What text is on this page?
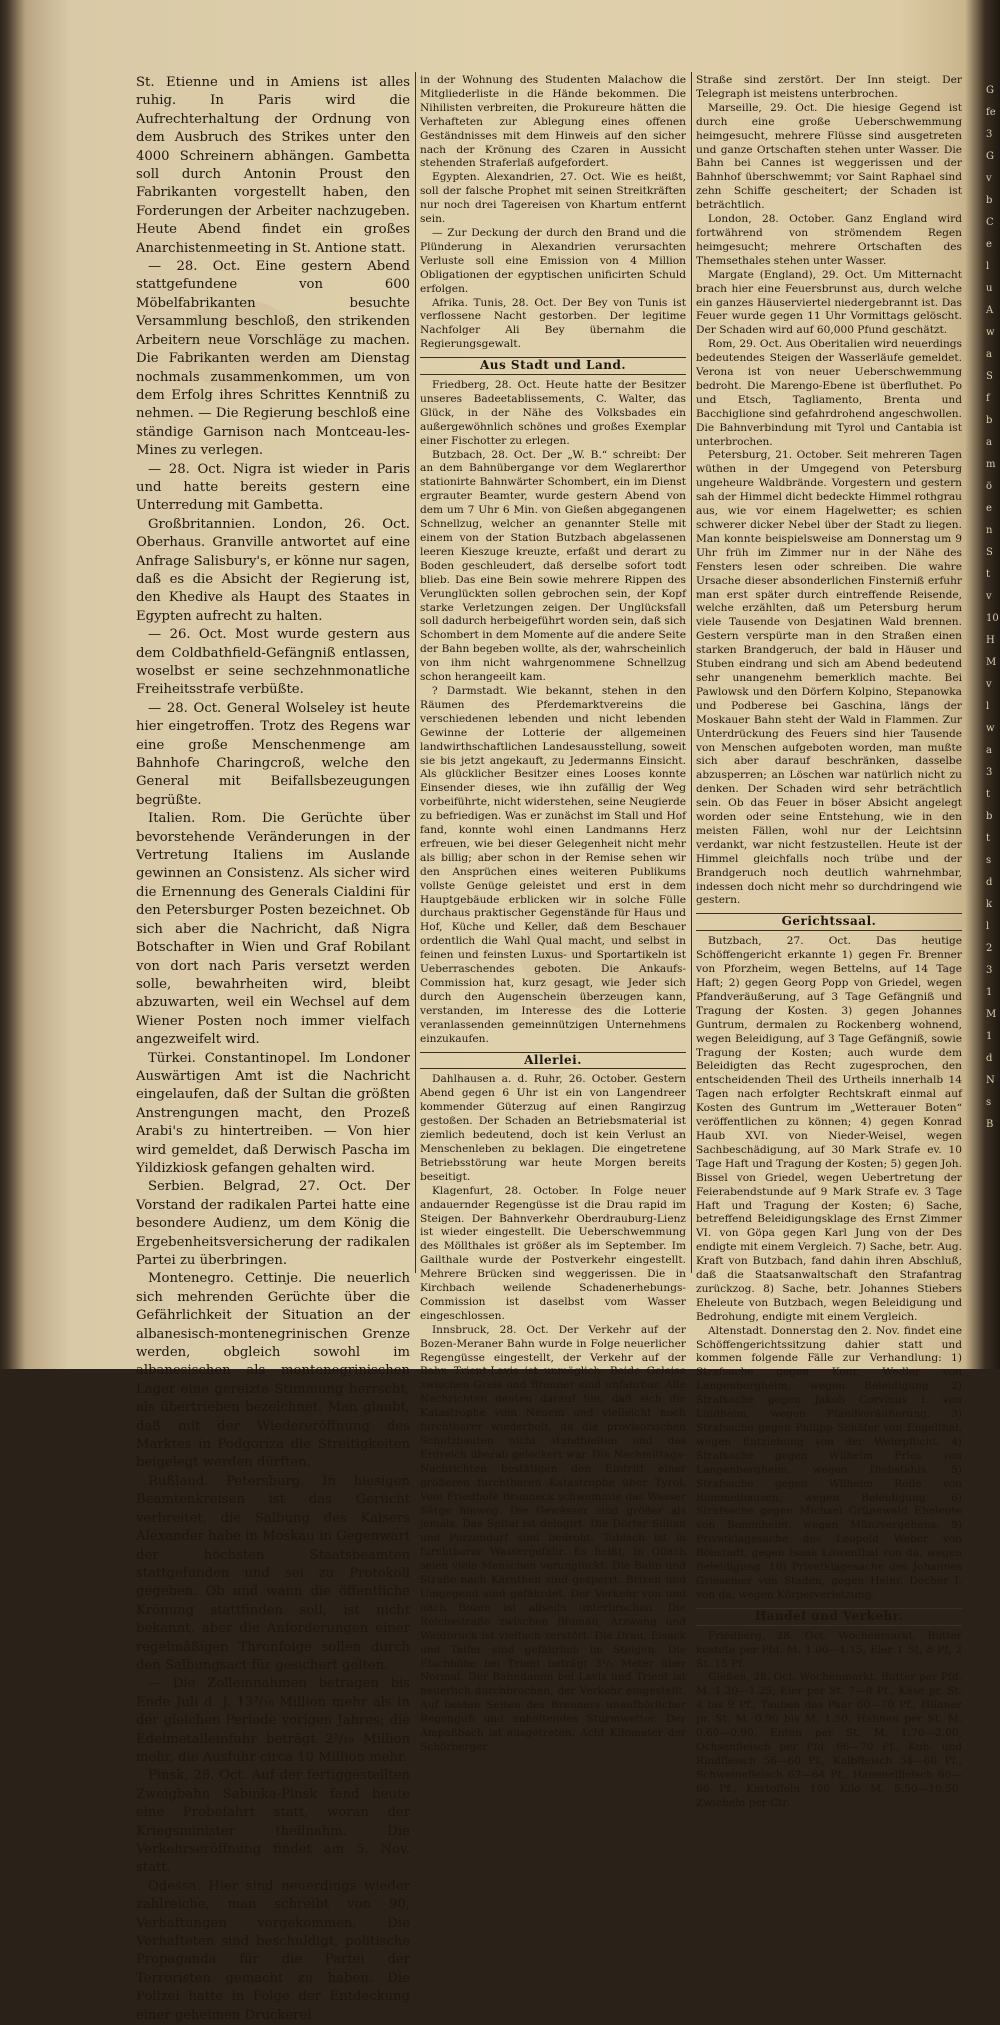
St. Etienne und in Amiens ist alles ruhig. In Paris wird die Aufrechterhaltung der Ordnung von dem Ausbruch des Strikes unter den 4000 Schreinern abhängen. Gambetta soll durch Antonin Proust den Fabrikanten vorgestellt haben, den Forderungen der Arbeiter nachzugeben. Heute Abend findet ein großes Anarchistenmeeting in St. Antione statt.

— 28. Oct. Eine gestern Abend stattgefundene von 600 Möbelfabrikanten besuchte Versammlung beschloß, den strikenden Arbeitern neue Vorschläge zu machen. Die Fabrikanten werden am Dienstag nochmals zusammenkommen, um von dem Erfolg ihres Schrittes Kenntniß zu nehmen. — Die Regierung beschloß eine ständige Garnison nach Montceau-les-Mines zu verlegen.

— 28. Oct. Nigra ist wieder in Paris und hatte bereits gestern eine Unterredung mit Gambetta.

Großbritannien. London, 26. Oct. Oberhaus. Granville antwortet auf eine Anfrage Salisbury's, er könne nur sagen, daß es die Absicht der Regierung ist, den Khedive als Haupt des Staates in Egypten aufrecht zu halten.

— 26. Oct. Most wurde gestern aus dem Coldbathfield-Gefängniß entlassen, woselbst er seine sechzehnmonatliche Freiheitsstrafe verbüßte.

— 28. Oct. General Wolseley ist heute hier eingetroffen. Trotz des Regens war eine große Menschenmenge am Bahnhofe Charingcroß, welche den General mit Beifallsbezeugungen begrüßte.

Italien. Rom. Die Gerüchte über bevorstehende Veränderungen in der Vertretung Italiens im Auslande gewinnen an Consistenz. Als sicher wird die Ernennung des Generals Cialdini für den Petersburger Posten bezeichnet. Ob sich aber die Nachricht, daß Nigra Botschafter in Wien und Graf Robilant von dort nach Paris versetzt werden solle, bewahrheiten wird, bleibt abzuwarten, weil ein Wechsel auf dem Wiener Posten noch immer vielfach angezweifelt wird.

Türkei. Constantinopel. Im Londoner Auswärtigen Amt ist die Nachricht eingelaufen, daß der Sultan die größten Anstrengungen macht, den Prozeß Arabi's zu hintertreiben. — Von hier wird gemeldet, daß Derwisch Pascha im Yildizkiosk gefangen gehalten wird.

Serbien. Belgrad, 27. Oct. Der Vorstand der radikalen Partei hatte eine besondere Audienz, um dem König die Ergebenheitsversicherung der radikalen Partei zu überbringen.

Montenegro. Cettinje. Die neuerlich sich mehrenden Gerüchte über die Gefährlichkeit der Situation an der albanesisch-montenegrinischen Grenze werden, obgleich sowohl im albanesischen als montenegrinischen Lager eine gereizte Stimmung herrscht, als übertrieben bezeichnet. Man glaubt, daß mit der Wiedereröffnung des Marktes in Podgoriza die Streitigkeiten beigelegt werden dürften.

Rußland. Petersburg. In hiesigen Beamtenkreisen ist das Gerücht verbreitet, die Salbung des Kaisers Alexander habe in Moskau in Gegenwart der höchsten Staatsbeamten stattgefunden und sei zu Protokoll gegeben. Ob und wann die öffentliche Krönung stattfinden soll, ist nicht bekannt, aber die Anforderungen einer regelmäßigen Thronfolge sollen durch den Salbungsact für gesichert gelten.

— Die Zolleinnahmen betragen bis Ende Juli d. J. 13³/₁₀ Million mehr als in der gleichen Periode vorigen Jahres; die Edelmetalleinfuhr beträgt 2⁵/₁₀ Million mehr, die Ausfuhr circa 10 Million mehr.

Pinsk, 28. Oct. Auf der fertiggestellten Zweigbahn Sabinka-Pinsk fand heute eine Probefahrt statt, woran der Kriegsminister theilnahm. Die Verkehrseröffnung findet am 5. Nov. statt.

Odessa. Hier sind neuerdings wieder zahlreiche, man schreibt von 90, Verhaftungen vorgekommen. Die Verhafteten sind beschuldigt, politische Propaganda für die Partei der Terroristen gemacht zu haben. Die Polizei hatte in Folge der Entdeckung einer geheimen Druckerei

in der Wohnung des Studenten Malachow die Mitgliederliste in die Hände bekommen. Die Nihilisten verbreiten, die Prokureure hätten die Verhafteten zur Ablegung eines offenen Geständnisses mit dem Hinweis auf den sicher nach der Krönung des Czaren in Aussicht stehenden Straferlaß aufgefordert.

Egypten. Alexandrien, 27. Oct. Wie es heißt, soll der falsche Prophet mit seinen Streitkräften nur noch drei Tagereisen von Khartum entfernt sein.

— Zur Deckung der durch den Brand und die Plünderung in Alexandrien verursachten Verluste soll eine Emission von 4 Million Obligationen der egyptischen unificirten Schuld erfolgen.

Afrika. Tunis, 28. Oct. Der Bey von Tunis ist verflossene Nacht gestorben. Der legitime Nachfolger Ali Bey übernahm die Regierungsgewalt.

Aus Stadt und Land.

Friedberg, 28. Oct. Heute hatte der Besitzer unseres Badeetablissements, C. Walter, das Glück, in der Nähe des Volksbades ein außergewöhnlich schönes und großes Exemplar einer Fischotter zu erlegen.

Butzbach, 28. Oct. Der „W. B.“ schreibt: Der an dem Bahnübergange vor dem Weglarerthor stationirte Bahnwärter Schombert, ein im Dienst ergrauter Beamter, wurde gestern Abend von dem um 7 Uhr 6 Min. von Gießen abgegangenen Schnellzug, welcher an genannter Stelle mit einem von der Station Butzbach abgelassenen leeren Kieszuge kreuzte, erfaßt und derart zu Boden geschleudert, daß derselbe sofort todt blieb. Das eine Bein sowie mehrere Rippen des Verunglückten sollen gebrochen sein, der Kopf starke Verletzungen zeigen. Der Unglücksfall soll dadurch herbeigeführt worden sein, daß sich Schombert in dem Momente auf die andere Seite der Bahn begeben wollte, als der, wahrscheinlich von ihm nicht wahrgenommene Schnellzug schon herangeeilt kam.

? Darmstadt. Wie bekannt, stehen in den Räumen des Pferdemarktvereins die verschiedenen lebenden und nicht lebenden Gewinne der Lotterie der allgemeinen landwirthschaftlichen Landesausstellung, soweit sie bis jetzt angekauft, zu Jedermanns Einsicht. Als glücklicher Besitzer eines Looses konnte Einsender dieses, wie ihn zufällig der Weg vorbeiführte, nicht widerstehen, seine Neugierde zu befriedigen. Was er zunächst im Stall und Hof fand, konnte wohl einen Landmanns Herz erfreuen, wie bei dieser Gelegenheit nicht mehr als billig; aber schon in der Remise sehen wir den Ansprüchen eines weiteren Publikums vollste Genüge geleistet und erst in dem Hauptgebäude erblicken wir in solche Fülle durchaus praktischer Gegenstände für Haus und Hof, Küche und Keller, daß dem Beschauer ordentlich die Wahl Qual macht, und selbst in feinen und feinsten Luxus- und Sportartikeln ist Ueberraschendes geboten. Die Ankaufs-Commission hat, kurz gesagt, wie Jeder sich durch den Augenschein überzeugen kann, verstanden, im Interesse des die Lotterie veranlassenden gemeinnützigen Unternehmens einzukaufen.

Allerlei.

Dahlhausen a. d. Ruhr, 26. October. Gestern Abend gegen 6 Uhr ist ein von Langendreer kommender Güterzug auf einen Rangirzug gestoßen. Der Schaden an Betriebsmaterial ist ziemlich bedeutend, doch ist kein Verlust an Menschenleben zu beklagen. Die eingetretene Betriebsstörung war heute Morgen bereits beseitigt.

Klagenfurt, 28. October. In Folge neuer andauernder Regengüsse ist die Drau rapid im Steigen. Der Bahnverkehr Oberdrauburg-Lienz ist wieder eingestellt. Die Ueberschwemmung des Möllthales ist größer als im September. Im Gailthale wurde der Postverkehr eingestellt. Mehrere Brücken sind weggerissen. Die in Kirchbach weilende Schadenerhebungs-Commission ist daselbst vom Wasser eingeschlossen.

Innsbruck, 28. Oct. Der Verkehr auf der Bozen-Meraner Bahn wurde in Folge neuerlicher Regengüsse eingestellt, der Verkehr auf der Bahn Trient-Lavis ist unmöglich. Beide Geleise zwischen Greis und Brenner sind unfahrbar. Alle Nachrichten deuten darauf hin, daß sich die Katastrophe vom Neuem und vielleicht noch furchtbarer wiederholt, da die provisorischen Schutzbauten nicht standhielten und das Erdreich überall gelockert war. Die Nachmittags-Nachrichten bestätigen den Eintritt einer größeren furchtbaren Katastrophe über Tyrol. Vom Friedhofe Brunneck schwemmte das Wasser Särge hinweg. Die Gewässer sind größer als jemals. Das Spital ist delogirt. Die Dörfer Sillian und Porzendorf sind bedroht. Toblach ist in furchtbarer Wassergefahr. Es heißt, in Ollach seien viele Menschen verunglückt. Die Bahn und Straße nach Kärnthen sind gesperrt. Brixen und Umgegend sind gefährdet. Der Verkehr von und nach Bozen ist allseits unterbrochen. Die Reichsstraße zwischen Blumau, Atzwang und Waidbruck ist vielfach zerstört. Die Drau, Eisack und Talfer sind gefährlich im Steigen. Die Etschhöhe bei Trient beträgt 3¹/₂ Meter über Normal. Der Bahndamm bei Lavis und Trient ist neuerlich durchbrochen, der Verkehr eingestellt. Auf beiden Seiten des Brenners unaufhörlicher Regenguß und anhaltendes Sturmwetter. Der Ampaßbach ist ausgetreten. Acht Kilometer der Schörberger

Straße sind zerstört. Der Inn steigt. Der Telegraph ist meistens unterbrochen.

Marseille, 29. Oct. Die hiesige Gegend ist durch eine große Ueberschwemmung heimgesucht, mehrere Flüsse sind ausgetreten und ganze Ortschaften stehen unter Wasser. Die Bahn bei Cannes ist weggerissen und der Bahnhof überschwemmt; vor Saint Raphael sind zehn Schiffe gescheitert; der Schaden ist beträchtlich.

London, 28. October. Ganz England wird fortwährend von strömendem Regen heimgesucht; mehrere Ortschaften des Themsethales stehen unter Wasser.

Margate (England), 29. Oct. Um Mitternacht brach hier eine Feuersbrunst aus, durch welche ein ganzes Häuserviertel niedergebrannt ist. Das Feuer wurde gegen 11 Uhr Vormittags gelöscht. Der Schaden wird auf 60,000 Pfund geschätzt.

Rom, 29. Oct. Aus Oberitalien wird neuerdings bedeutendes Steigen der Wasserläufe gemeldet. Verona ist von neuer Ueberschwemmung bedroht. Die Marengo-Ebene ist überfluthet. Po und Etsch, Tagliamento, Brenta und Bacchiglione sind gefahrdrohend angeschwollen. Die Bahnverbindung mit Tyrol und Cantabia ist unterbrochen.

Petersburg, 21. October. Seit mehreren Tagen wüthen in der Umgegend von Petersburg ungeheure Waldbrände. Vorgestern und gestern sah der Himmel dicht bedeckte Himmel rothgrau aus, wie vor einem Hagelwetter; es schien schwerer dicker Nebel über der Stadt zu liegen. Man konnte beispielsweise am Donnerstag um 9 Uhr früh im Zimmer nur in der Nähe des Fensters lesen oder schreiben. Die wahre Ursache dieser absonderlichen Finsterniß erfuhr man erst später durch eintreffende Reisende, welche erzählten, daß um Petersburg herum viele Tausende von Desjatinen Wald brennen. Gestern verspürte man in den Straßen einen starken Brandgeruch, der bald in Häuser und Stuben eindrang und sich am Abend bedeutend sehr unangenehm bemerklich machte. Bei Pawlowsk und den Dörfern Kolpino, Stepanowka und Podberese bei Gaschina, längs der Moskauer Bahn steht der Wald in Flammen. Zur Unterdrückung des Feuers sind hier Tausende von Menschen aufgeboten worden, man mußte sich aber darauf beschränken, dasselbe abzusperren; an Löschen war natürlich nicht zu denken. Der Schaden wird sehr beträchtlich sein. Ob das Feuer in böser Absicht angelegt worden oder seine Entstehung, wie in den meisten Fällen, wohl nur der Leichtsinn verdankt, war nicht festzustellen. Heute ist der Himmel gleichfalls noch trübe und der Brandgeruch noch deutlich wahrnehmbar, indessen doch nicht mehr so durchdringend wie gestern.

Gerichtssaal.

Butzbach, 27. Oct. Das heutige Schöffengericht erkannte 1) gegen Fr. Brenner von Pforzheim, wegen Bettelns, auf 14 Tage Haft; 2) gegen Georg Popp von Griedel, wegen Pfandveräußerung, auf 3 Tage Gefängniß und Tragung der Kosten. 3) gegen Johannes Guntrum, dermalen zu Rockenberg wohnend, wegen Beleidigung, auf 3 Tage Gefängniß, sowie Tragung der Kosten; auch wurde dem Beleidigten das Recht zugesprochen, den entscheidenden Theil des Urtheils innerhalb 14 Tagen nach erfolgter Rechtskraft einmal auf Kosten des Guntrum im „Wetterauer Boten“ veröffentlichen zu können; 4) gegen Konrad Haub XVI. von Nieder-Weisel, wegen Sachbeschädigung, auf 30 Mark Strafe ev. 10 Tage Haft und Tragung der Kosten; 5) gegen Joh. Bissel von Griedel, wegen Uebertretung der Feierabendstunde auf 9 Mark Strafe ev. 3 Tage Haft und Tragung der Kosten; 6) Sache, betreffend Beleidigungsklage des Ernst Zimmer VI. von Göpa gegen Karl Jung von der Des endigte mit einem Vergleich. 7) Sache, betr. Aug. Kraft von Butzbach, fand dahin ihren Abschluß, daß die Staatsanwaltschaft den Strafantrag zurückzog. 8) Sache, betr. Johannes Stiebers Eheleute von Butzbach, wegen Beleidigung und Bedrohung, endigte mit einem Vergleich.

Altenstadt. Donnerstag den 2. Nov. findet eine Schöffengerichtssitzung dahier statt und kommen folgende Fälle zur Verhandlung: 1) Strafsache gegen Konr. Wedler von Langenbergheim, wegen Beleidigung. 2) Strafsache gegen Jakob Corvinus I. von Lindheim, wegen Pfandveräußerung. 3) Strafsache gegen Philipp Schäfer von Engelthal, wegen Entziehung von der Wehrpflicht. 4) Strafsache gegen Wilhelm Fries von Langenbergheim, wegen Diebstahls. 5) Strafsache gegen Wilhelm Rolle von Rommelhausen, wegen Beleidigung. 6) Strafsache gegen Michael Grünewald Eheleute von Bommheim, wegen Münzvergehens. 9) Privatklagesache des Leopold Weber von Bönstadt, gegen Isaak Löwenthal von da, wegen Beleidigung. 10) Privatklagesache des Johannes Griesemer von Staden, gegen Heinr. Decher I. von da, wegen Körperverletzung.

Handel und Verkehr.

Friedberg, 28. Oct. Wochenmarkt. Butter kostete per Pfd. M. 1.00—1.15, Eier 1 St. 8 Pf, 2 St. 15 Pf.

Gießen, 28. Oct. Wochenmarkt. Butter per Pfd. M. 1.20—1.25, Eier per St. 7—8 Pf., Käse pr. St. 4 bis 9 Pf., Tauben das Paar 60—70 Pf., Hühner pr. St. M. 0.90 bis M. 1.50, Hahnen per St. M. 0.60—0.90, Enten per St. M. 1.70—2.00, Ochsenfleisch per Pfd. 66—70 Pf., Kuh- und Rindfleisch 56—60 Pf., Kalbfleisch 54—60 Pf., Schweinefleisch 62—64 Pf., Hammelfleisch 60—66 Pf., Kartoffeln 100 Kilo M. 5.50—10.50, Zwiebeln per Ctr.

G
fe
3
G
v
b
C
e
l
u
A
w
a
S
f
b
a
m
ö
e
n
S
t
v
10
H
M
v
l
w
a
3
t
b
t
s
d
k
l
2
3
1
M
1
d
N
s
B
